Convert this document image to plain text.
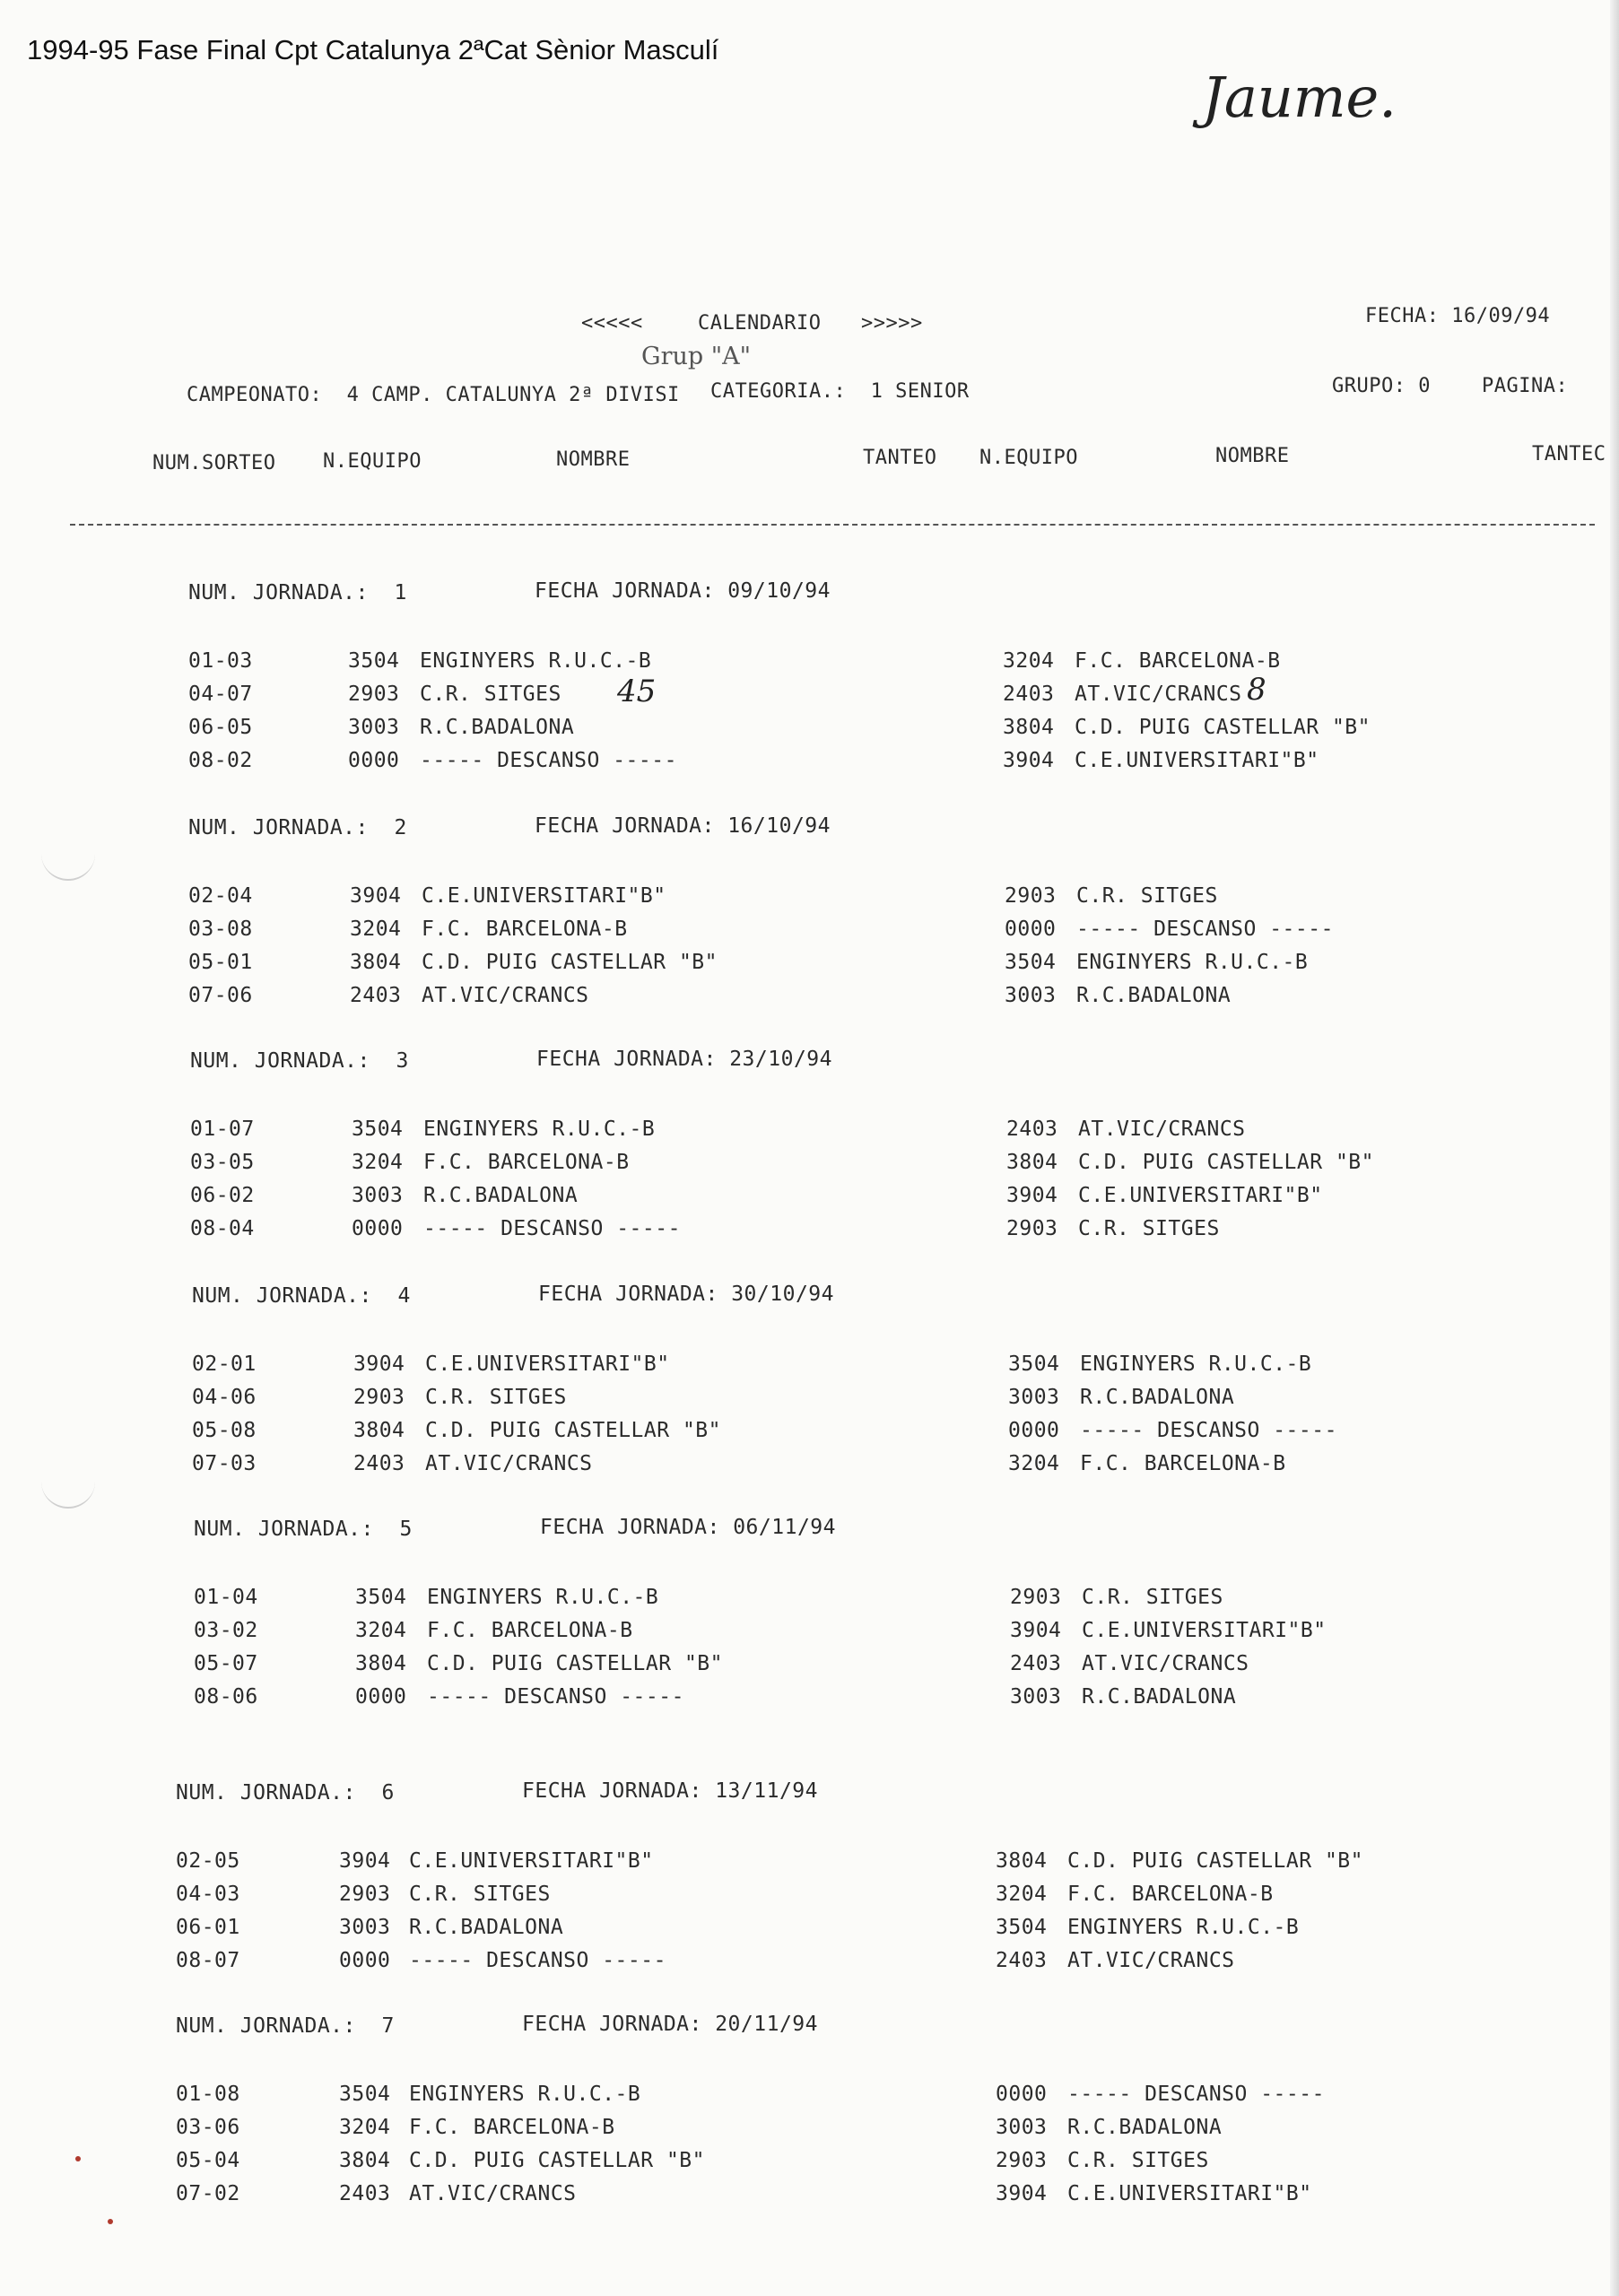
1994-95 Fase Final Cpt Catalunya 2ªCat Sènior Masculí
Jaume.
<<<<<	CALENDARIO >>>>>	FECHA: 16/09/94
Grup "A"
CAMPEONATO:  4 CAMP. CATALUNYA 2ª DIVISI CATEGORIA.:  1 SENIOR	GRUPO: 0	PAGINA:
NUM.SORTEO N.EQUIPO	NOMBRE	TANTEO N.EQUIPO	NOMBRE	TANTEC
NUM. JORNADA.:  1	FECHA JORNADA: 09/10/94
01-03	3504 ENGINYERS R.U.C.-B	3204 F.C. BARCELONA-B
04-07	2903 C.R. SITGES	2403 AT.VIC/CRANCS
45	8
06-05	3003 R.C.BADALONA	3804 C.D. PUIG CASTELLAR "B"
08-02	0000 ----- DESCANSO -----	3904 C.E.UNIVERSITARI"B"
NUM. JORNADA.:  2	FECHA JORNADA: 16/10/94
02-04	3904 C.E.UNIVERSITARI"B"	2903 C.R. SITGES
03-08	3204 F.C. BARCELONA-B	0000 ----- DESCANSO -----
05-01	3804 C.D. PUIG CASTELLAR "B"	3504 ENGINYERS R.U.C.-B
07-06	2403 AT.VIC/CRANCS	3003 R.C.BADALONA
NUM. JORNADA.:  3	FECHA JORNADA: 23/10/94
01-07	3504 ENGINYERS R.U.C.-B	2403 AT.VIC/CRANCS
03-05	3204 F.C. BARCELONA-B	3804 C.D. PUIG CASTELLAR "B"
06-02	3003 R.C.BADALONA	3904 C.E.UNIVERSITARI"B"
08-04	0000 ----- DESCANSO -----	2903 C.R. SITGES
NUM. JORNADA.:  4	FECHA JORNADA: 30/10/94
02-01	3904 C.E.UNIVERSITARI"B"	3504 ENGINYERS R.U.C.-B
04-06	2903 C.R. SITGES	3003 R.C.BADALONA
05-08	3804 C.D. PUIG CASTELLAR "B"	0000 ----- DESCANSO -----
07-03	2403 AT.VIC/CRANCS	3204 F.C. BARCELONA-B
NUM. JORNADA.:  5	FECHA JORNADA: 06/11/94
01-04	3504 ENGINYERS R.U.C.-B	2903 C.R. SITGES
03-02	3204 F.C. BARCELONA-B	3904 C.E.UNIVERSITARI"B"
05-07	3804 C.D. PUIG CASTELLAR "B"	2403 AT.VIC/CRANCS
08-06	0000 ----- DESCANSO -----	3003 R.C.BADALONA
NUM. JORNADA.:  6	FECHA JORNADA: 13/11/94
02-05	3904 C.E.UNIVERSITARI"B"	3804 C.D. PUIG CASTELLAR "B"
04-03	2903 C.R. SITGES	3204 F.C. BARCELONA-B
06-01	3003 R.C.BADALONA	3504 ENGINYERS R.U.C.-B
08-07	0000 ----- DESCANSO -----	2403 AT.VIC/CRANCS
NUM. JORNADA.:  7	FECHA JORNADA: 20/11/94
01-08	3504 ENGINYERS R.U.C.-B	0000 ----- DESCANSO -----
03-06	3204 F.C. BARCELONA-B	3003 R.C.BADALONA
05-04	3804 C.D. PUIG CASTELLAR "B"	2903 C.R. SITGES
07-02	2403 AT.VIC/CRANCS	3904 C.E.UNIVERSITARI"B"
